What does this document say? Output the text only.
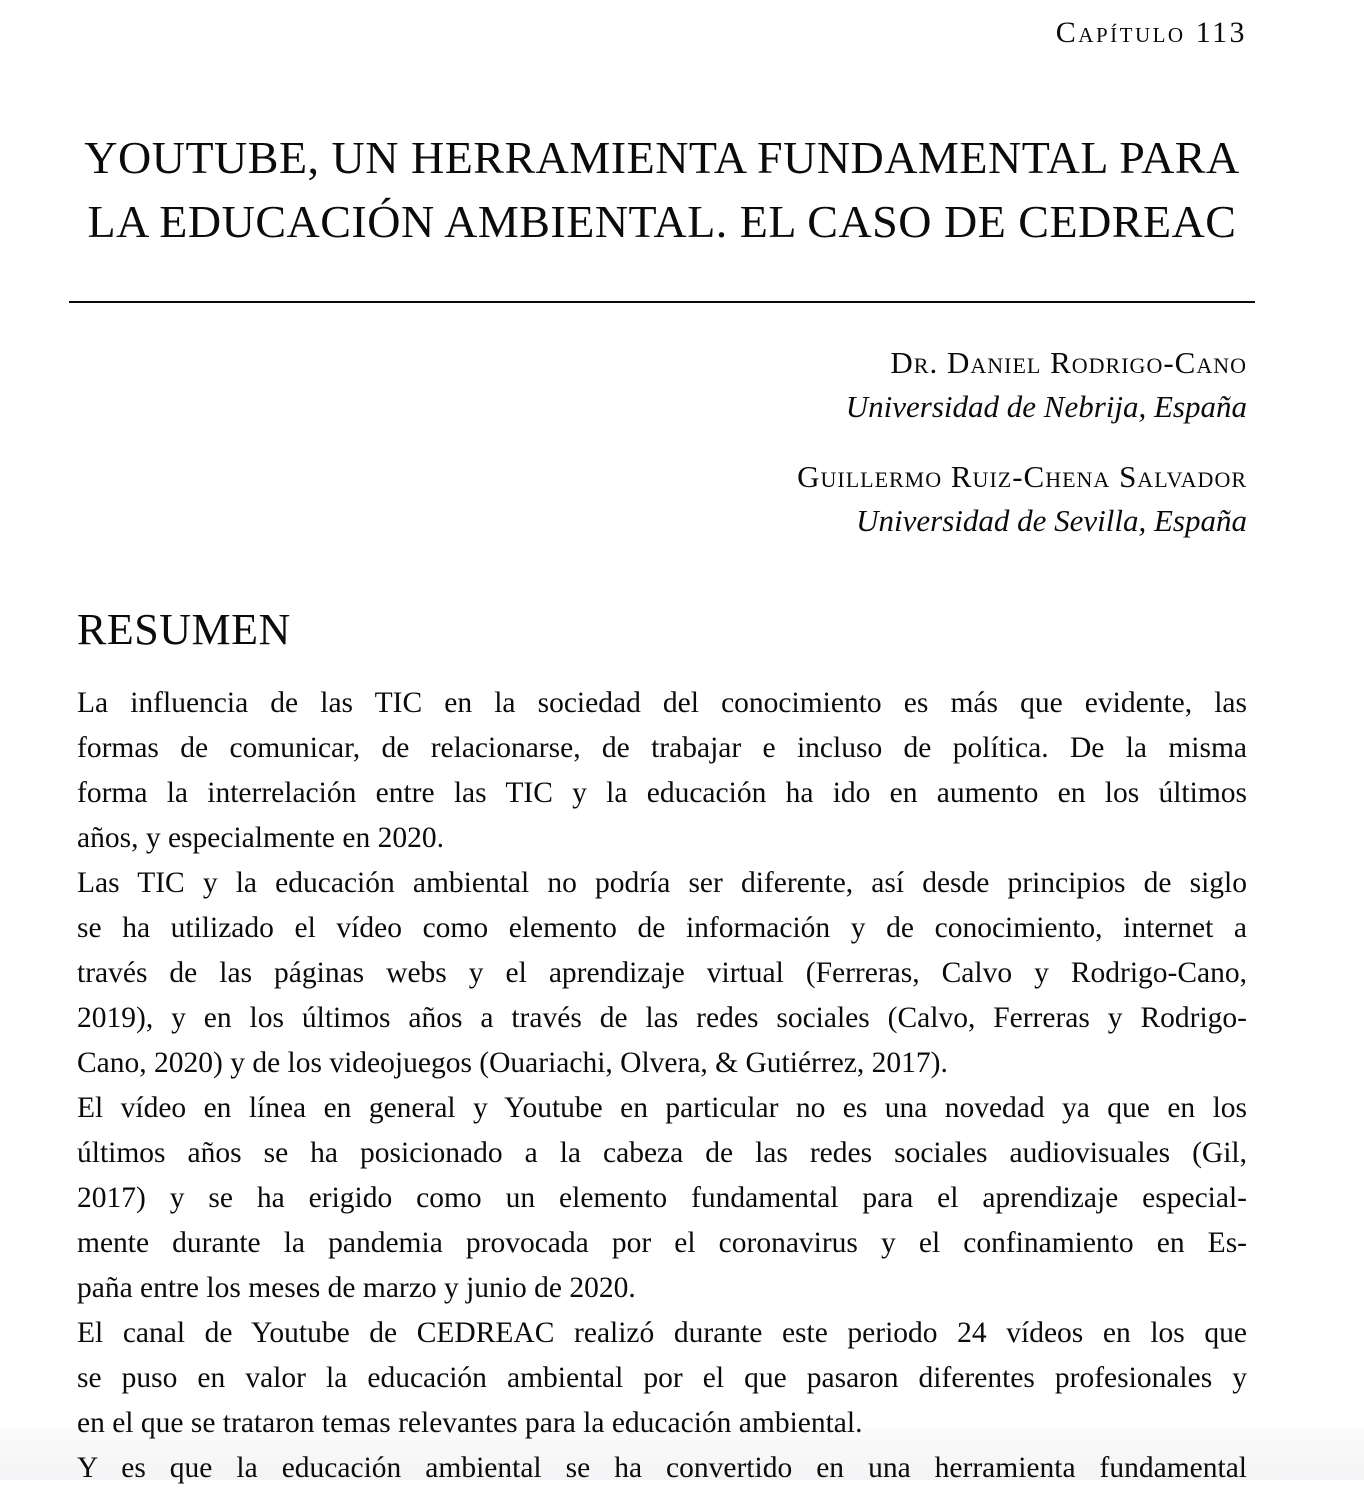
Capítulo 113
YOUTUBE, UN HERRAMIENTA FUNDAMENTAL PARA
LA EDUCACIÓN AMBIENTAL. EL CASO DE CEDREAC
Dr. Daniel Rodrigo-Cano
Universidad de Nebrija, España
Guillermo Ruiz-Chena Salvador
Universidad de Sevilla, España
RESUMEN

La influencia de las TIC en la sociedad del conocimiento es más que evidente, las
formas de comunicar, de relacionarse, de trabajar e incluso de política. De la misma
forma la interrelación entre las TIC y la educación ha ido en aumento en los últimos
años, y especialmente en 2020.

Las TIC y la educación ambiental no podría ser diferente, así desde principios de siglo
se ha utilizado el vídeo como elemento de información y de conocimiento, internet a
través de las páginas webs y el aprendizaje virtual (Ferreras, Calvo y Rodrigo-Cano,
2019), y en los últimos años a través de las redes sociales (Calvo, Ferreras y Rodrigo-
Cano, 2020) y de los videojuegos (Ouariachi, Olvera, & Gutiérrez, 2017).

El vídeo en línea en general y Youtube en particular no es una novedad ya que en los
últimos años se ha posicionado a la cabeza de las redes sociales audiovisuales (Gil,
2017) y se ha erigido como un elemento fundamental para el aprendizaje especial-
mente durante la pandemia provocada por el coronavirus y el confinamiento en Es-
paña entre los meses de marzo y junio de 2020.

El canal de Youtube de CEDREAC realizó durante este periodo 24 vídeos en los que
se puso en valor la educación ambiental por el que pasaron diferentes profesionales y
en el que se trataron temas relevantes para la educación ambiental.

Y es que la educación ambiental se ha convertido en una herramienta fundamental
